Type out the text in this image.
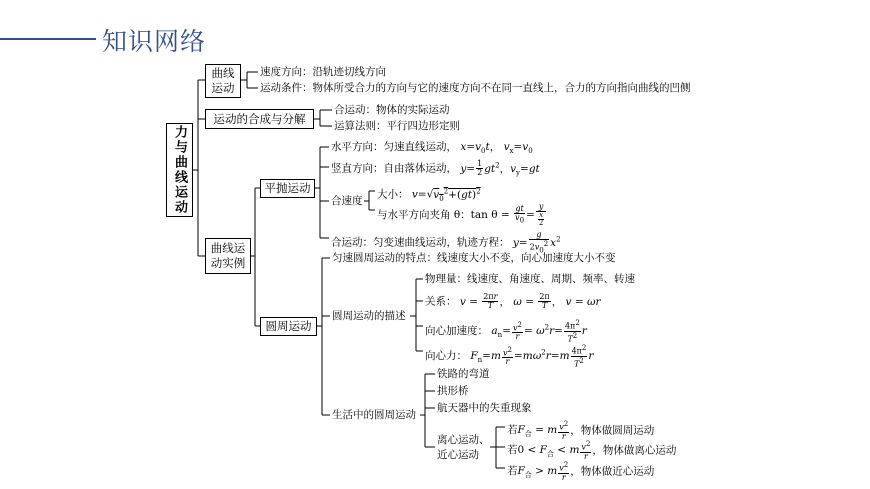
知识网络
力与曲线运动
曲线运动
速度方向：沿轨迹切线方向
运动条件：物体所受合力的方向与它的速度方向不在同一直线上，合力的方向指向曲线的凹侧
运动的合成与分解
合运动：物体的实际运动
运算法则：平行四边形定则
曲线运动实例
平抛运动
水平方向：匀速直线运动， $x=v_0t$， $v_x=v_0$
竖直方向：自由落体运动， $y= \frac{1}{2} gt^2$，$v_y=gt$
合速度
大小： $v=√v_0^2+(gt)^2$
与水平方向夹角 θ：$\tan \theta = \frac{gt}{v_0} = \frac{y}{\frac{x}{2}}$
合运动：匀变速曲线运动，轨迹方程： $y= \frac{g}{2v_0^2} x^2$
圆周运动
匀速圆周运动的特点：线速度大小不变，向心加速度大小不变
圆周运动的描述
物理量：线速度、角速度、周期、频率、转速
关系： $v = \frac{2\pi r}{T}$ ， $\omega = \frac{2\pi}{T}$ ， v = ωr
向心加速度： $a_n= \frac{v^2}{r} = \omega^2r= \frac{4\pi^2}{T^2}$ r
向心力： $F_n=m \frac{v^2}{r} =m\omega^2r=m \frac{4\pi^2}{T^2}$ r
生活中的圆周运动
铁路的弯道
拱形桥
航天器中的失重现象
离心运动、近心运动
若$F_合 = m \frac{v^2}{r}$ ，物体做圆周运动
若$0 < F_合 < m \frac{v^2}{r}$ ，物体做离心运动
若$F_合 > m \frac{v^2}{r}$ ，物体做近心运动
